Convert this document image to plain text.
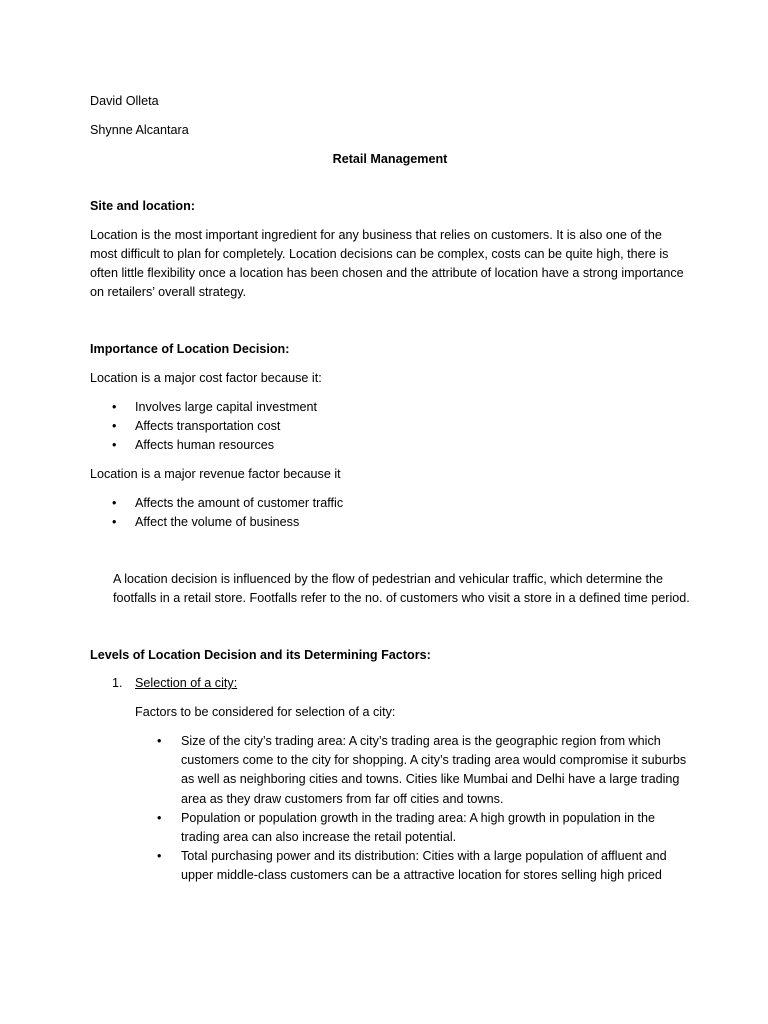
David Olleta

Shynne Alcantara

Retail Management

Site and location:

Location is the most important ingredient for any business that relies on customers. It is also one of the most difficult to plan for completely. Location decisions can be complex, costs can be quite high, there is often little flexibility once a location has been chosen and the attribute of location have a strong importance on retailers’ overall strategy.

Importance of Location Decision:

Location is a major cost factor because it:

• Involves large capital investment
• Affects transportation cost
• Affects human resources

Location is a major revenue factor because it

• Affects the amount of customer traffic
• Affect the volume of business

A location decision is influenced by the flow of pedestrian and vehicular traffic, which determine the footfalls in a retail store. Footfalls refer to the no. of customers who visit a store in a defined time period.

Levels of Location Decision and its Determining Factors:

1. Selection of a city:

Factors to be considered for selection of a city:

• Size of the city’s trading area: A city’s trading area is the geographic region from which customers come to the city for shopping. A city’s trading area would compromise it suburbs as well as neighboring cities and towns. Cities like Mumbai and Delhi have a large trading area as they draw customers from far off cities and towns.
• Population or population growth in the trading area: A high growth in population in the trading area can also increase the retail potential.
• Total purchasing power and its distribution: Cities with a large population of affluent and upper middle-class customers can be a attractive location for stores selling high priced
